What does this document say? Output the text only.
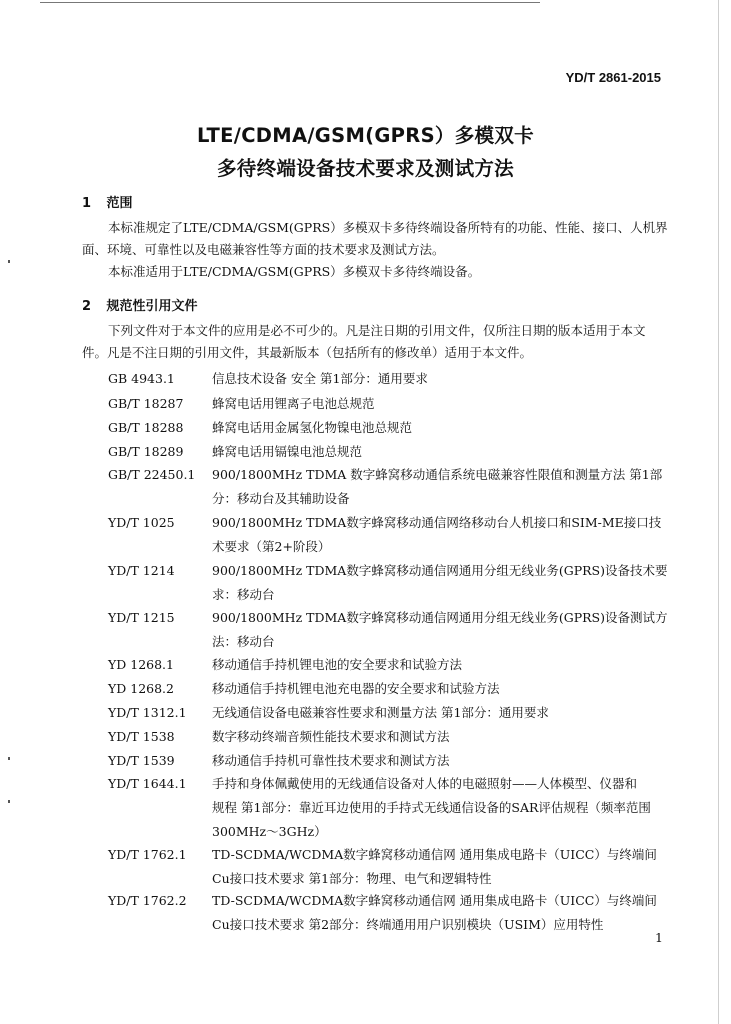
YD/T 2861-2015
LTE/CDMA/GSM(GPRS）多模双卡
多待终端设备技术要求及测试方法
1 范围
本标准规定了LTE/CDMA/GSM(GPRS）多模双卡多待终端设备所特有的功能、性能、接口、人机界
面、环境、可靠性以及电磁兼容性等方面的技术要求及测试方法。
本标准适用于LTE/CDMA/GSM(GPRS）多模双卡多待终端设备。
2 规范性引用文件
下列文件对于本文件的应用是必不可少的。凡是注日期的引用文件，仅所注日期的版本适用于本文
件。凡是不注日期的引用文件，其最新版本（包括所有的修改单）适用于本文件。
GB 4943.1	信息技术设备 安全 第1部分：通用要求
GB/T 18287 蜂窝电话用锂离子电池总规范
GB/T 18288 蜂窝电话用金属氢化物镍电池总规范
GB/T 18289 蜂窝电话用镉镍电池总规范
GB/T 22450.1 900/1800MHz TDMA 数字蜂窝移动通信系统电磁兼容性限值和测量方法 第1部
分：移动台及其辅助设备
YD/T 1025	900/1800MHz TDMA数字蜂窝移动通信网络移动台人机接口和SIM-ME接口技
术要求（第2+阶段）
YD/T 1214	900/1800MHz TDMA数字蜂窝移动通信网通用分组无线业务(GPRS)设备技术要
求：移动台
YD/T 1215	900/1800MHz TDMA数字蜂窝移动通信网通用分组无线业务(GPRS)设备测试方
法：移动台
YD 1268.1	移动通信手持机锂电池的安全要求和试验方法
YD 1268.2	移动通信手持机锂电池充电器的安全要求和试验方法
YD/T 1312.1 无线通信设备电磁兼容性要求和测量方法 第1部分：通用要求
YD/T 1538	数字移动终端音频性能技术要求和测试方法
YD/T 1539	移动通信手持机可靠性技术要求和测试方法
YD/T 1644.1 手持和身体佩戴使用的无线通信设备对人体的电磁照射——人体模型、仪器和
规程 第1部分：靠近耳边使用的手持式无线通信设备的SAR评估规程（频率范围
300MHz～3GHz）
YD/T 1762.1 TD-SCDMA/WCDMA数字蜂窝移动通信网 通用集成电路卡（UICC）与终端间
Cu接口技术要求 第1部分：物理、电气和逻辑特性
YD/T 1762.2 TD-SCDMA/WCDMA数字蜂窝移动通信网 通用集成电路卡（UICC）与终端间
Cu接口技术要求 第2部分：终端通用用户识别模块（USIM）应用特性
1
